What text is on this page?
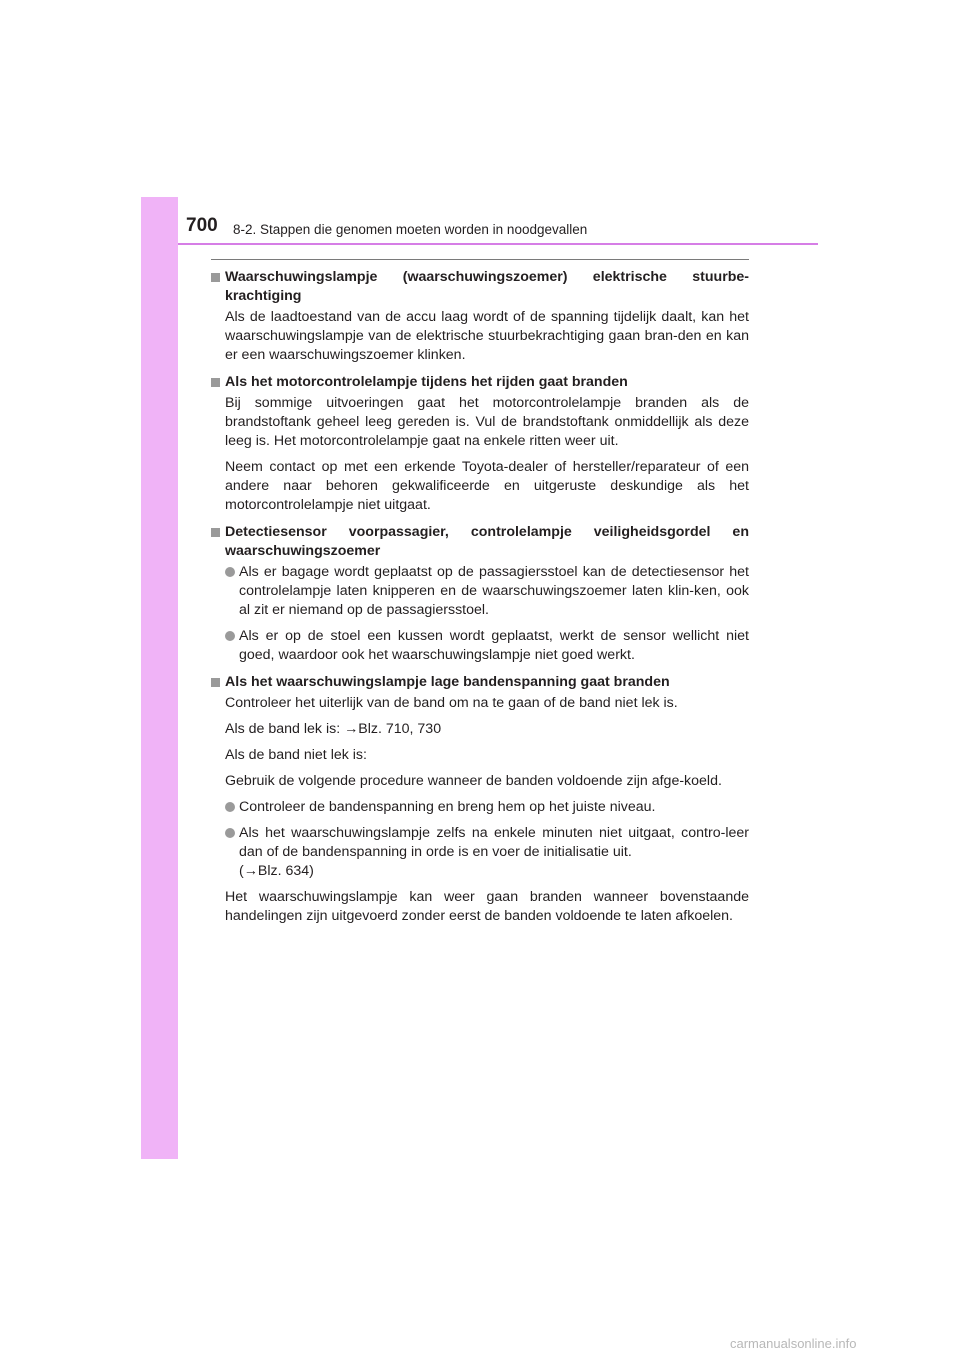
700 8-2. Stappen die genomen moeten worden in noodgevallen
Waarschuwingslampje (waarschuwingszoemer) elektrische stuurbe-krachtiging
Als de laadtoestand van de accu laag wordt of de spanning tijdelijk daalt, kan het waarschuwingslampje van de elektrische stuurbekrachtiging gaan bran-den en kan er een waarschuwingszoemer klinken.
Als het motorcontrolelampje tijdens het rijden gaat branden
Bij sommige uitvoeringen gaat het motorcontrolelampje branden als de brandstoftank geheel leeg gereden is. Vul de brandstoftank onmiddellijk als deze leeg is. Het motorcontrolelampje gaat na enkele ritten weer uit.
Neem contact op met een erkende Toyota-dealer of hersteller/reparateur of een andere naar behoren gekwalificeerde en uitgeruste deskundige als het motorcontrolelampje niet uitgaat.
Detectiesensor voorpassagier, controlelampje veiligheidsgordel en waarschuwingszoemer
Als er bagage wordt geplaatst op de passagiersstoel kan de detectiesensor het controlelampje laten knipperen en de waarschuwingszoemer laten klin-ken, ook al zit er niemand op de passagiersstoel.
Als er op de stoel een kussen wordt geplaatst, werkt de sensor wellicht niet goed, waardoor ook het waarschuwingslampje niet goed werkt.
Als het waarschuwingslampje lage bandenspanning gaat branden
Controleer het uiterlijk van de band om na te gaan of de band niet lek is.
Als de band lek is: →Blz. 710, 730
Als de band niet lek is:
Gebruik de volgende procedure wanneer de banden voldoende zijn afge-koeld.
Controleer de bandenspanning en breng hem op het juiste niveau.
Als het waarschuwingslampje zelfs na enkele minuten niet uitgaat, contro-leer dan of de bandenspanning in orde is en voer de initialisatie uit.
(→Blz. 634)
Het waarschuwingslampje kan weer gaan branden wanneer bovenstaande handelingen zijn uitgevoerd zonder eerst de banden voldoende te laten afkoelen.
carmanualsonline.info
